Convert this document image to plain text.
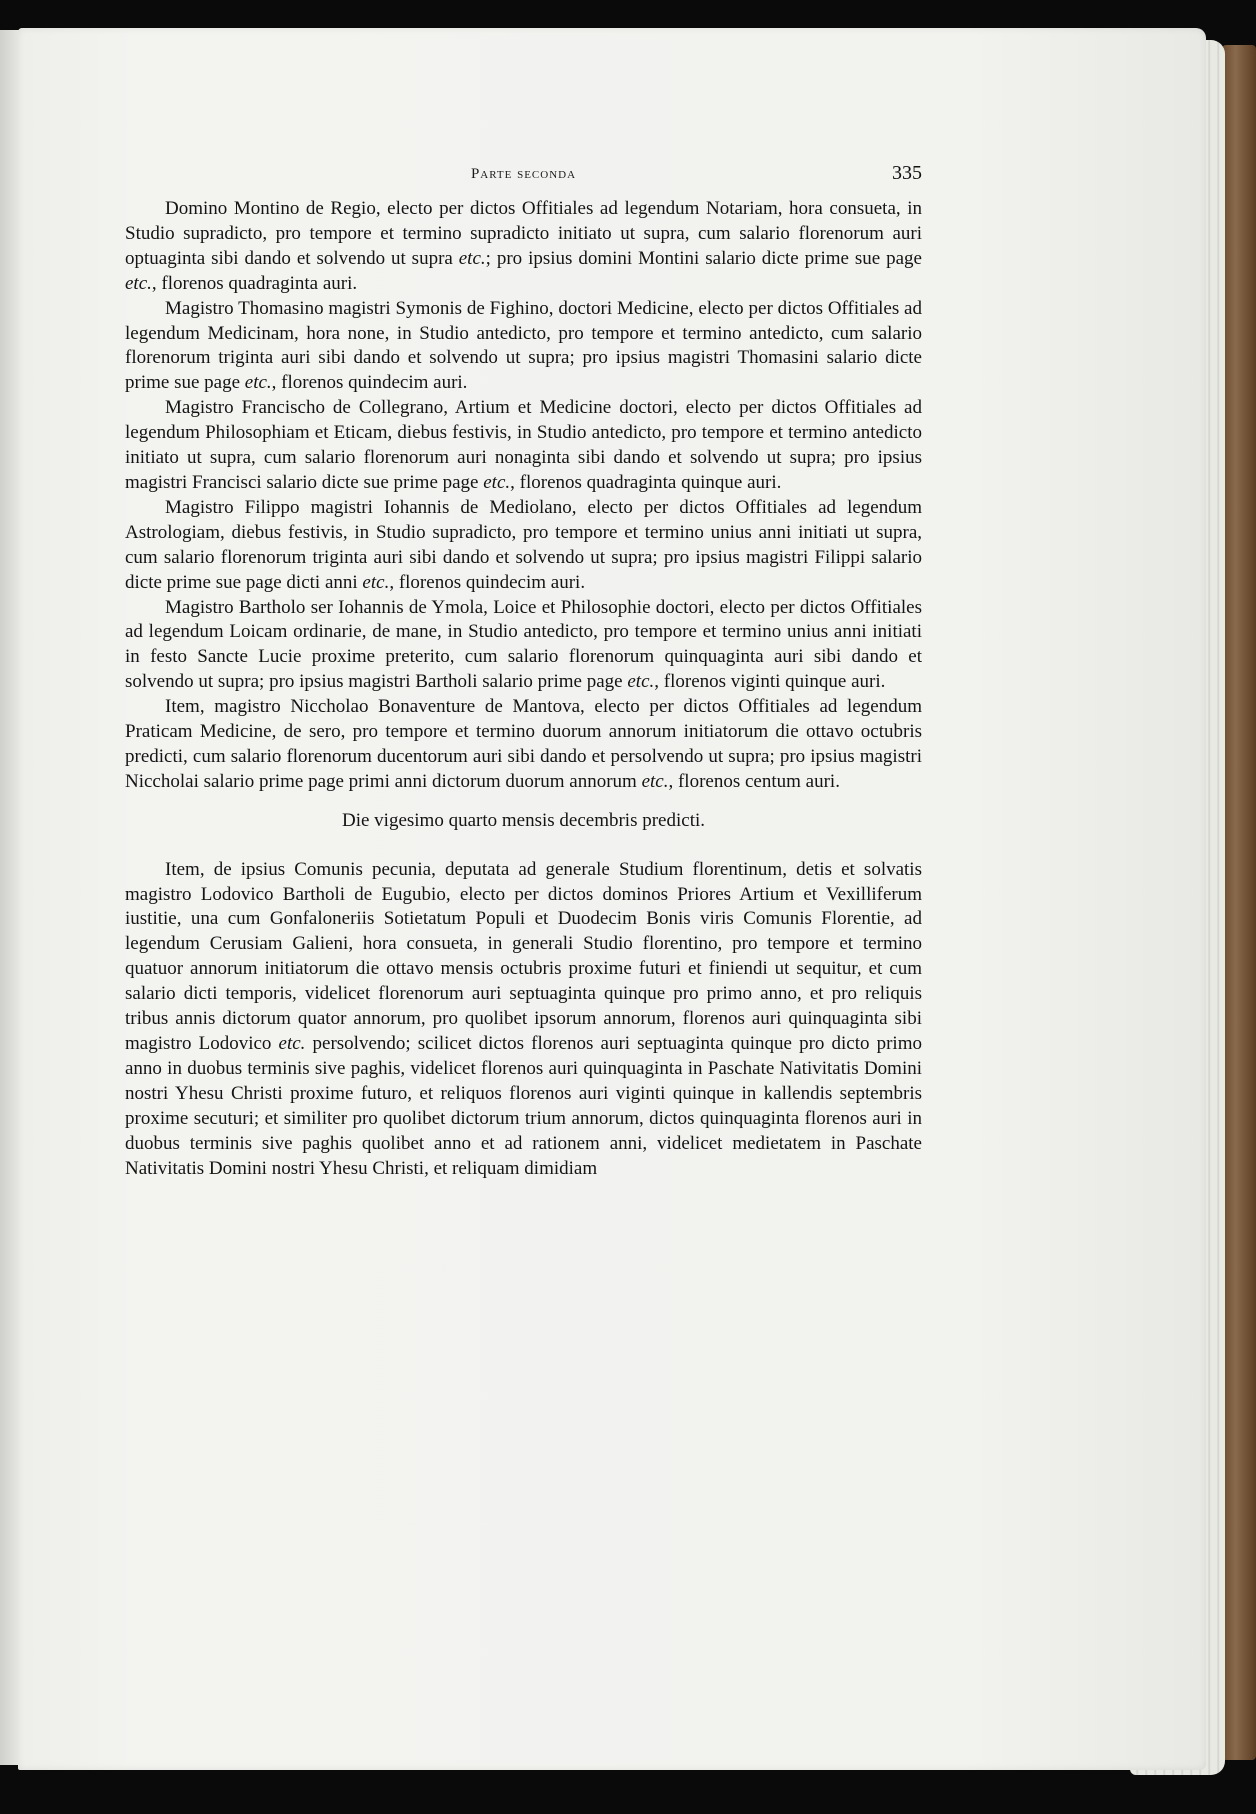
Parte seconda	335

Domino Montino de Regio, electo per dictos Offitiales ad legendum Notariam, hora consueta, in Studio supradicto, pro tempore et termino supradicto initiato ut supra, cum salario florenorum auri optuaginta sibi dando et solvendo ut supra etc.; pro ipsius domini Montini salario dicte prime sue page etc., florenos quadraginta auri.

Magistro Thomasino magistri Symonis de Fighino, doctori Medicine, electo per dictos Offitiales ad legendum Medicinam, hora none, in Studio antedicto, pro tempore et termino antedicto, cum salario florenorum triginta auri sibi dando et solvendo ut supra; pro ipsius magistri Thomasini salario dicte prime sue page etc., florenos quindecim auri.

Magistro Francischo de Collegrano, Artium et Medicine doctori, electo per dictos Offitiales ad legendum Philosophiam et Eticam, diebus festivis, in Studio antedicto, pro tempore et termino antedicto initiato ut supra, cum salario florenorum auri nonaginta sibi dando et solvendo ut supra; pro ipsius magistri Francisci salario dicte sue prime page etc., florenos quadraginta quinque auri.

Magistro Filippo magistri Iohannis de Mediolano, electo per dictos Offitiales ad legendum Astrologiam, diebus festivis, in Studio supradicto, pro tempore et termino unius anni initiati ut supra, cum salario florenorum triginta auri sibi dando et solvendo ut supra; pro ipsius magistri Filippi salario dicte prime sue page dicti anni etc., florenos quindecim auri.

Magistro Bartholo ser Iohannis de Ymola, Loice et Philosophie doctori, electo per dictos Offitiales ad legendum Loicam ordinarie, de mane, in Studio antedicto, pro tempore et termino unius anni initiati in festo Sancte Lucie proxime preterito, cum salario florenorum quinquaginta auri sibi dando et solvendo ut supra; pro ipsius magistri Bartholi salario prime page etc., florenos viginti quinque auri.

Item, magistro Niccholao Bonaventure de Mantova, electo per dictos Offitiales ad legendum Praticam Medicine, de sero, pro tempore et termino duorum annorum initiatorum die ottavo octubris predicti, cum salario florenorum ducentorum auri sibi dando et persolvendo ut supra; pro ipsius magistri Niccholai salario prime page primi anni dictorum duorum annorum etc., florenos centum auri.

Die vigesimo quarto mensis decembris predicti.

Item, de ipsius Comunis pecunia, deputata ad generale Studium florentinum, detis et solvatis magistro Lodovico Bartholi de Eugubio, electo per dictos dominos Priores Artium et Vexilliferum iustitie, una cum Gonfaloneriis Sotietatum Populi et Duodecim Bonis viris Comunis Florentie, ad legendum Cerusiam Galieni, hora consueta, in generali Studio florentino, pro tempore et termino quatuor annorum initiatorum die ottavo mensis octubris proxime futuri et finiendi ut sequitur, et cum salario dicti temporis, videlicet florenorum auri septuaginta quinque pro primo anno, et pro reliquis tribus annis dictorum quator annorum, pro quolibet ipsorum annorum, florenos auri quinquaginta sibi magistro Lodovico etc. persolvendo; scilicet dictos florenos auri septuaginta quinque pro dicto primo anno in duobus terminis sive paghis, videlicet florenos auri quinquaginta in Paschate Nativitatis Domini nostri Yhesu Christi proxime futuro, et reliquos florenos auri viginti quinque in kallendis septembris proxime secuturi; et similiter pro quolibet dictorum trium annorum, dictos quinquaginta florenos auri in duobus terminis sive paghis quolibet anno et ad rationem anni, videlicet medietatem in Paschate Nativitatis Domini nostri Yhesu Christi, et reliquam dimidiam
